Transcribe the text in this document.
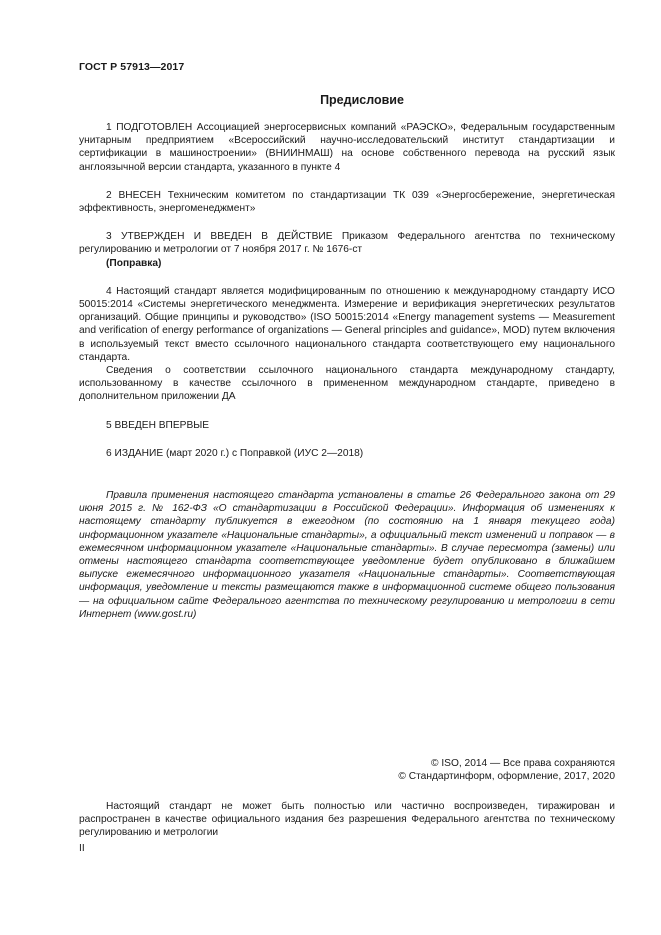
ГОСТ Р 57913—2017
Предисловие

1 ПОДГОТОВЛЕН Ассоциацией энергосервисных компаний «РАЭСКО», Федеральным государственным унитарным предприятием «Всероссийский научно-исследовательский институт стандартизации и сертификации в машиностроении» (ВНИИНМАШ) на основе собственного перевода на русский язык англоязычной версии стандарта, указанного в пункте 4

2 ВНЕСЕН Техническим комитетом по стандартизации ТК 039 «Энергосбережение, энергетическая эффективность, энергоменеджмент»

3 УТВЕРЖДЕН И ВВЕДЕН В ДЕЙСТВИЕ Приказом Федерального агентства по техническому регулированию и метрологии от 7 ноября 2017 г. № 1676-ст

(Поправка)

4 Настоящий стандарт является модифицированным по отношению к международному стандарту ИСО 50015:2014 «Системы энергетического менеджмента. Измерение и верификация энергетических результатов организаций. Общие принципы и руководство» (ISO 50015:2014 «Energy management systems — Measurement and verification of energy performance of organizations — General principles and guidance», MOD) путем включения в используемый текст вместо ссылочного национального стандарта соответствующего ему национального стандарта.

Сведения о соответствии ссылочного национального стандарта международному стандарту, использованному в качестве ссылочного в примененном международном стандарте, приведено в дополнительном приложении ДА

5 ВВЕДЕН ВПЕРВЫЕ

6 ИЗДАНИЕ (март 2020 г.) с Поправкой (ИУС 2—2018)

Правила применения настоящего стандарта установлены в статье 26 Федерального закона от 29 июня 2015 г. № 162-ФЗ «О стандартизации в Российской Федерации». Информация об изменениях к настоящему стандарту публикуется в ежегодном (по состоянию на 1 января текущего года) информационном указателе «Национальные стандарты», а официальный текст изменений и поправок — в ежемесячном информационном указателе «Национальные стандарты». В случае пересмотра (замены) или отмены настоящего стандарта соответствующее уведомление будет опубликовано в ближайшем выпуске ежемесячного информационного указателя «Национальные стандарты». Соответствующая информация, уведомление и тексты размещаются также в информационной системе общего пользования — на официальном сайте Федерального агентства по техническому регулированию и метрологии в сети Интернет (www.gost.ru)

© ISO, 2014 — Все права сохраняются
© Стандартинформ, оформление, 2017, 2020

Настоящий стандарт не может быть полностью или частично воспроизведен, тиражирован и распространен в качестве официального издания без разрешения Федерального агентства по техническому регулированию и метрологии

II
